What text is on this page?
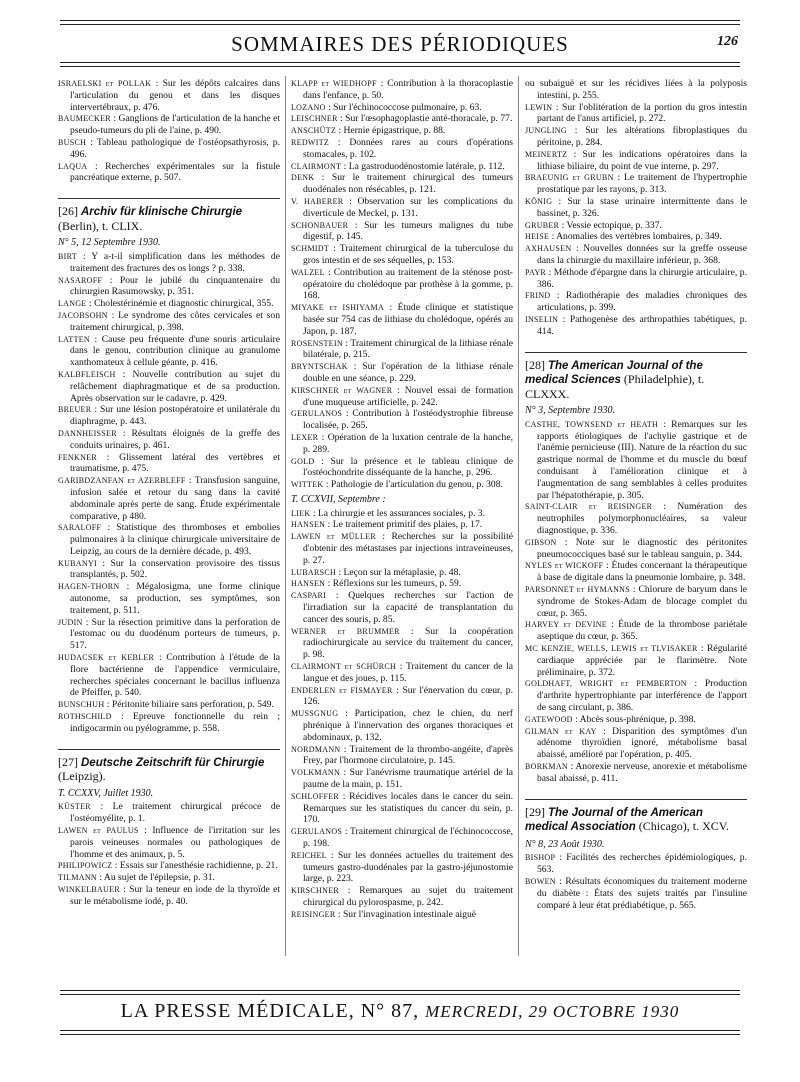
SOMMAIRES DES PÉRIODIQUES	126

ISRAELSKI et POLLAK : Sur les dépôts calcaires dans l'articulation du genou et dans les disques intervertébraux, p. 476.

BAUMECKER : Ganglions de l'articulation de la hanche et pseudo-tumeurs du pli de l'aine, p. 490.

BUSCH : Tableau pathologique de l'ostéopsathyrosis, p. 496.

LAQUA : Recherches expérimentales sur la fistule pancréatique externe, p. 507.

[26] Archiv für klinische Chirurgie (Berlin), t. CLIX.
N° 5, 12 Septembre 1930.

BIRT : Y a-t-il simplification dans les méthodes de traitement des fractures des os longs ? p. 338.

NASAROFF : Pour le jubilé du cinquantenaire du chirurgien Rasumowsky, p. 351.

LANGE : Cholestérinémie et diagnostic chirurgical, 355.

JACOBSOHN : Le syndrome des côtes cervicales et son traitement chirurgical, p. 398.

LATTEN : Cause peu fréquente d'une souris articulaire dans le genou, contribution clinique au granulome xanthomateux à cellule géante, p. 416.

KALBFLEISCH : Nouvelle contribution au sujet du relâchement diaphragmatique et de sa production. Après observation sur le cadavre, p. 429.

BREUER : Sur une lésion postopératoire et unilatérale du diaphragme, p. 443.

DANNHEISSER : Résultats éloignés de la greffe des conduits urinaires, p. 461.

FENKNER : Glissement latéral des vertèbres et traumatisme, p. 475.

GARIBDZANFAN et AZERBLEFF : Transfusion sanguine, infusion salée et retour du sang dans la cavité abdominale après perte de sang. Étude expérimentale comparative, p 480.

SARALOFF : Statistique des thromboses et embolies pulmonaires à la clinique chirurgicale universitaire de Leipzig, au cours de la dernière décade, p. 493.

KUBANYI : Sur la conservation provisoire des tissus transplantés, p. 502.

HAGEN-THORN : Mégalosigma, une forme clinique autonome, sa production, ses symptômes, son traitement, p. 511.

JUDIN : Sur la résection primitive dans la perforation de l'estomac ou du duodénum porteurs de tumeurs, p. 517.

HUDACSEK et KEBLER : Contribution à l'étude de la flore bactérienne de l'appendice vermiculaire, recherches spéciales concernant le bacillus influenza de Pfeiffer, p. 540.

BUNSCHUH : Péritonite biliaire sans perforation, p. 549.

ROTHSCHILD : Epreuve fonctionnelle du rein ; indigocarmin ou pyélogramme, p. 558.

[27] Deutsche Zeitschrift für Chirurgie (Leipzig).
T. CCXXV, Juillet 1930.

KÜSTER : Le traitement chirurgical précoce de l'ostéomyélite, p. 1.

LAWEN et PAULUS : Influence de l'irritation sur les parois veineuses normales ou pathologiques de l'homme et des animaux, p. 5.

PHILIPOWICZ : Essais sur l'anesthésie rachidienne, p. 21.

TILMANN : Au sujet de l'épilepsie, p. 31.

WINKELBAUER : Sur la teneur en iode de la thyroïde et sur le métabolisme iodé, p. 40.

KLAPP et WIEDHOPF : Contribution à la thoracoplastie dans l'enfance, p. 50.

LOZANO : Sur l'échinococcose pulmonaire, p. 63.

LEISCHNER : Sur l'œsophagoplastie anté-thoracale, p. 77.

ANSCHÜTZ : Hernie épigastrique, p. 88.

REDWITZ : Données rares au cours d'opérations stomacales, p. 102.

CLAIRMONT : La gastroduodénostomie latérale, p. 112.

DENK : Sur le traitement chirurgical des tumeurs duodénales non résécables, p. 121.

V. HABERER : Observation sur les complications du diverticule de Meckel, p. 131.

SCHONBAUER : Sur les tumeurs malignes du tube digestif, p. 145.

SCHMIDT : Traitement chirurgical de la tuberculose du gros intestin et de ses séquelles, p. 153.

WALZEL : Contribution au traitement de la sténose post-opératoire du cholédoque par prothèse à la gomme, p. 168.

MIYAKE et ISHIYAMA : Étude clinique et statistique basée sur 754 cas de lithiase du cholédoque, opérés au Japon, p. 187.

ROSENSTEIN : Traitement chirurgical de la lithiase rénale bilatérale, p. 215.

BRYNTSCHAK : Sur l'opération de la lithiase rénale double en une séance, p. 229.

KIRSCHNER et WAGNER : Nouvel essai de formation d'une muqueuse artificielle, p. 242.

GERULANOS : Contribution à l'ostéodystrophie fibreuse localisée, p. 265.

LEXER : Opération de la luxation centrale de la hanche, p. 289.

GOLD : Sur la présence et le tableau clinique de l'ostéochondrite disséquante de la hanche, p. 296.

WITTEK : Pathologie de l'articulation du genou, p. 308.

T. CCXVII, Septembre :

LIEK : La chirurgie et les assurances sociales, p. 3.

HANSEN : Le traitement primitif des plaies, p. 17.

LAWEN et MÜLLER : Recherches sur la possibilité d'obtenir des métastases par injections intraveineuses, p. 27.

LUBARSCH : Leçon sur la métaplasie, p. 48.

HANSEN : Réflexions sur les tumeurs, p. 59.

CASPARI : Quelques recherches sur l'action de l'irradiation sur la capacité de transplantation du cancer des souris, p. 85.

WERNER et BRUMMER : Sur la coopération radiochirurgicale au service du traitement du cancer, p. 98.

CLAIRMONT et SCHÜRCH : Traitement du cancer de la langue et des joues, p. 115.

ENDERLEN et FISMAYER : Sur l'énervation du cœur, p. 126.

MUSSGNUG : Participation, chez le chien, du nerf phrénique à l'innervation des organes thoraciques et abdominaux, p. 132.

NORDMANN : Traitement de la thrombo-angéite, d'après Frey, par l'hormone circulatoire, p. 145.

VOLKMANN : Sur l'anévrisme traumatique artériel de la paume de la main, p. 151.

SCHLOFFER : Récidives locales dans le cancer du sein. Remarques sur les statistiques du cancer du sein, p. 170.

GERULANOS : Traitement chirurgical de l'échinococcose, p. 198.

REICHEL : Sur les données actuelles du traitement des tumeurs gastro-duodénales par la gastro-jéjunostomie large, p. 223.

KIRSCHNER : Remarques au sujet du traitement chirurgical du pylorospasme, p. 242.

REISINGER : Sur l'invagination intestinale aiguë

ou subaiguë et sur les récidives liées à la polyposis intestini, p. 255.

LEWIN : Sur l'oblitération de la portion du gros intestin partant de l'anus artificiel, p. 272.

JUNGLING : Sur les altérations fibroplastiques du péritoine, p. 284.

MEINERTZ : Sur les indications opératoires dans la lithiase biliaire, du point de vue interne, p. 297.

BRAEUNIG et GRUBN : Le traitement de l'hypertrophie prostatique par les rayons, p. 313.

KÖNIG : Sur la stase urinaire intermittente dans le bassinet, p. 326.

GRUBER : Vessie ectopique, p. 337.

HEISE : Anomalies des vertèbres lombaires, p. 349.

AXHAUSEN : Nouvelles données sur la greffe osseuse dans la chirurgie du maxillaire inférieur, p. 368.

PAYR : Méthode d'épargne dans la chirurgie articulaire, p. 386.

FRIND : Radiothérapie des maladies chroniques des articulations, p. 399.

INSELIN : Pathogenèse des arthropathies tabétiques, p. 414.

[28] The American Journal of the medical Sciences (Philadelphie), t. CLXXX.
N° 3, Septembre 1930.

CASTHE, TOWNSEND et HEATH : Remarques sur les rapports étiologiques de l'achylie gastrique et de l'anémie pernicieuse (III). Nature de la réaction du suc gastrique normal de l'homme et du muscle du bœuf conduisant à l'amélioration clinique et à l'augmentation de sang semblables à celles produites par l'hépatothérapie, p. 305.

SAINT-CLAIR et REISINGER : Numération des neutrophiles polymorphonucléaires, sa valeur diagnostique, p. 336.

GIBSON : Note sur le diagnostic des péritonites pneumococciques basé sur le tableau sanguin, p. 344.

NYLES et WICKOFF : Études concernant la thérapeutique à base de digitale dans la pneumonie lombaire, p. 348.

PARSONNET et HYMANNS : Chlorure de baryum dans le syndrome de Stokes-Adam de blocage complet du cœur, p. 365.

HARVEY et DEVINE : Étude de la thrombose pariétale aseptique du cœur, p. 365.

MC KENZIE, WELLS, LEWIS et TLVISAKER : Régularité cardiaque appréciée par le flarimètre. Note préliminaire, p. 372.

GOLDHAFT, WRIGHT et PEMBERTON : Production d'arthrite hypertrophiante par interférence de l'apport de sang circulant, p. 386.

GATEWOOD : Abcès sous-phrénique, p. 398.

GILMAN et KAY : Disparition des symptômes d'un adénome thyroïdien ignoré, métabolisme basal abaissé, amélioré par l'opération, p. 405.

BORKMAN : Anorexie nerveuse, anorexie et métabolisme basal abaissé, p. 411.

[29] The Journal of the American medical Association (Chicago), t. XCV.
N° 8, 23 Août 1930.

BISHOP : Facilités des recherches épidémiologiques, p. 563.

BOWEN : Résultats économiques du traitement moderne du diabète : États des sujets traités par l'insuline comparé à leur état prédiabétique, p. 565.

LA PRESSE MÉDICALE, N° 87, MERCREDI, 29 OCTOBRE 1930
